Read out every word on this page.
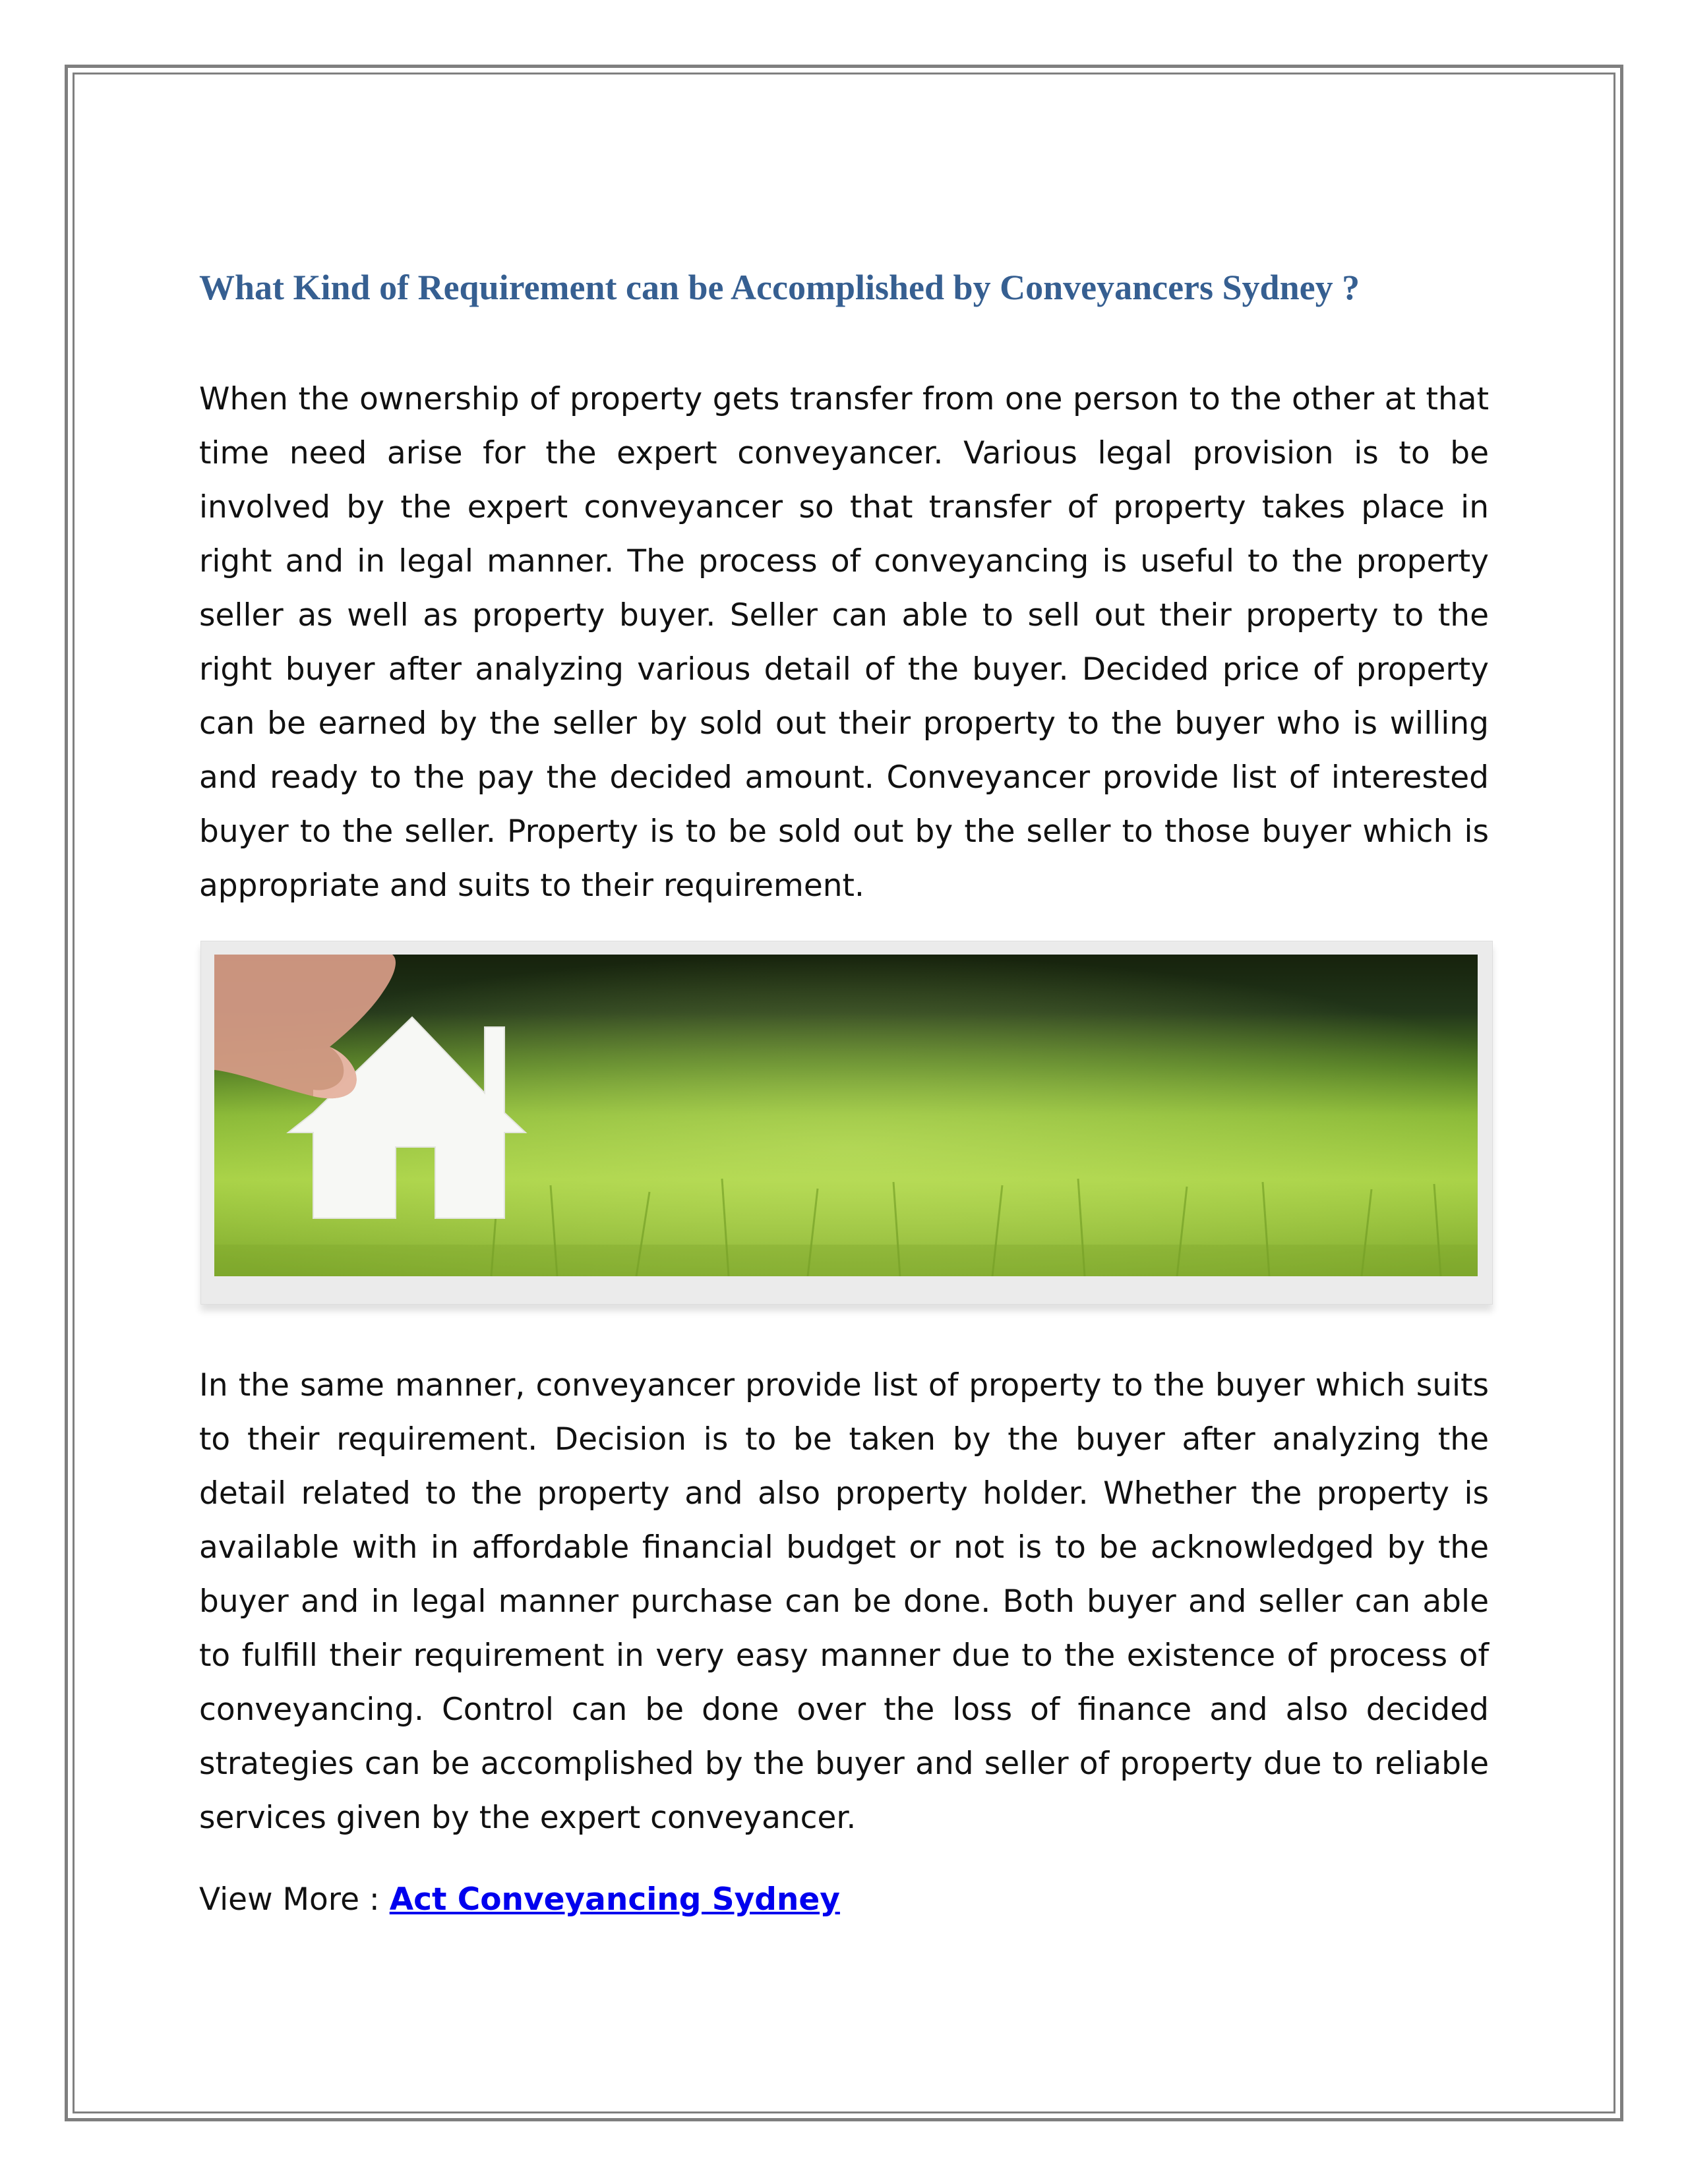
What Kind of Requirement can be Accomplished by Conveyancers Sydney ?

When the ownership of property gets transfer from one person to the other at that time need arise for the expert conveyancer. Various legal provision is to be involved by the expert conveyancer so that transfer of property takes place in right and in legal manner. The process of conveyancing is useful to the property seller as well as property buyer. Seller can able to sell out their property to the right buyer after analyzing various detail of the buyer. Decided price of property can be earned by the seller by sold out their property to the buyer who is willing and ready to the pay the decided amount. Conveyancer provide list of interested buyer to the seller. Property is to be sold out by the seller to those buyer which is appropriate and suits to their requirement.

In the same manner, conveyancer provide list of property to the buyer which suits to their requirement. Decision is to be taken by the buyer after analyzing the detail related to the property and also property holder. Whether the property is available with in affordable financial budget or not is to be acknowledged by the buyer and in legal manner purchase can be done. Both buyer and seller can able to fulfill their requirement in very easy manner due to the existence of process of conveyancing. Control can be done over the loss of finance and also decided strategies can be accomplished by the buyer and seller of property due to reliable services given by the expert conveyancer.

View More : Act Conveyancing Sydney
